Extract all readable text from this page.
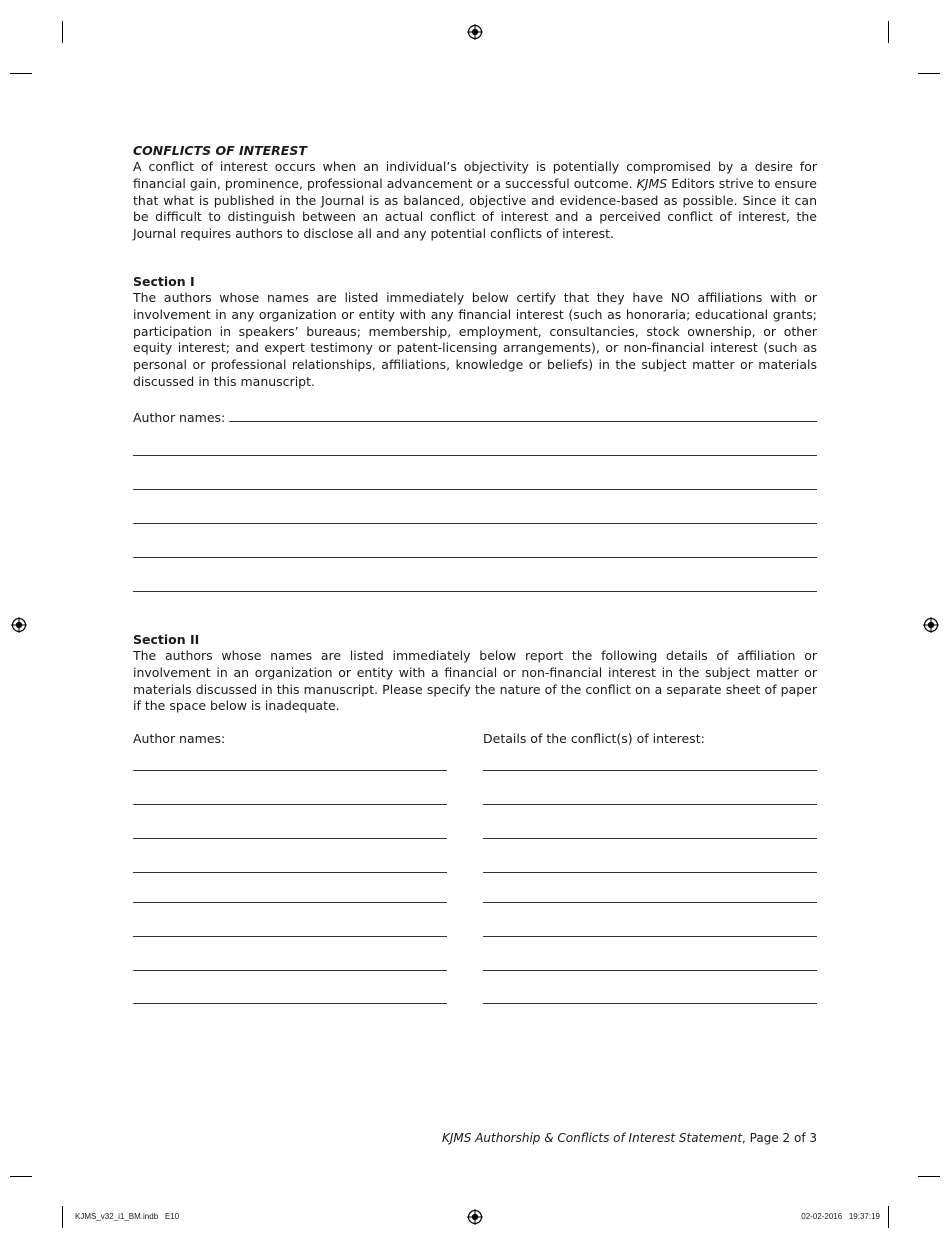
CONFLICTS OF INTEREST

A conflict of interest occurs when an individual’s objectivity is potentially compromised by a desire for financial gain, prominence, professional advancement or a successful outcome. KJMS Editors strive to ensure that what is published in the Journal is as balanced, objective and evidence-based as possible. Since it can be difficult to distinguish between an actual conflict of interest and a perceived conflict of interest, the Journal requires authors to disclose all and any potential conflicts of interest.

Section I

The authors whose names are listed immediately below certify that they have NO affiliations with or involvement in any organization or entity with any financial interest (such as honoraria; educational grants; participation in speakers’ bureaus; membership, employment, consultancies, stock ownership, or other equity interest; and expert testimony or patent-licensing arrangements), or non-financial interest (such as personal or professional relationships, affiliations, knowledge or beliefs) in the subject matter or materials discussed in this manuscript.

Author names:

Section II

The authors whose names are listed immediately below report the following details of affiliation or involvement in an organization or entity with a financial or non-financial interest in the subject matter or materials discussed in this manuscript. Please specify the nature of the conflict on a separate sheet of paper if the space below is inadequate.

Author names:	Details of the conflict(s) of interest:
KJMS Authorship & Conflicts of Interest Statement, Page 2 of 3
KJMS_v32_i1_BM.indb   E10	02-02-2016   19:37:19
